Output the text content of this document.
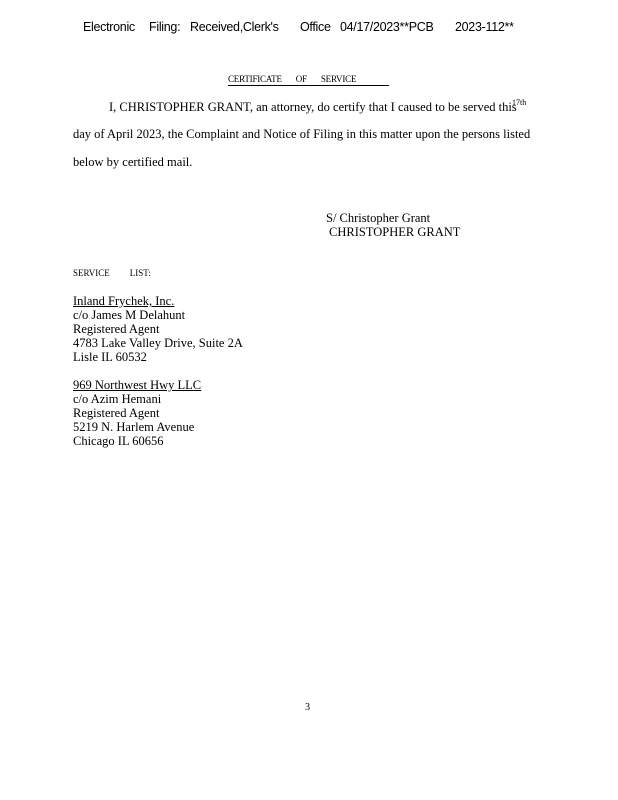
Electronic Filing: Received,Clerk's Office 04/17/2023**PCB 2023-112**
CERTIFICATE OF SERVICE
I, CHRISTOPHER GRANT, an attorney, do certify that I caused to be served this
17th
day of April 2023, the Complaint and Notice of Filing in this matter upon the persons listed
below by certified mail.
S/ Christopher Grant
CHRISTOPHER GRANT
SERVICE LIST:
Inland Frychek, Inc.
c/o James M Delahunt
Registered Agent
4783 Lake Valley Drive, Suite 2A
Lisle IL 60532
969 Northwest Hwy LLC
c/o Azim Hemani
Registered Agent
5219 N. Harlem Avenue
Chicago IL 60656
3
